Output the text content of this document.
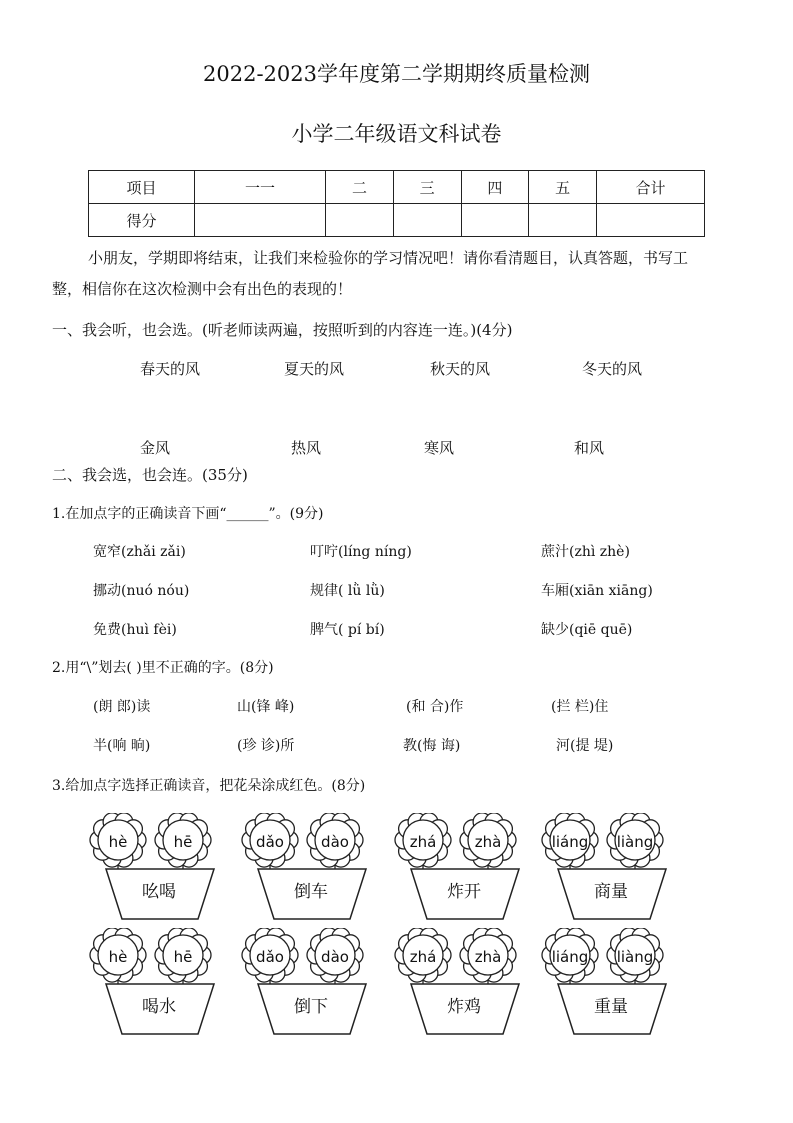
2022-2023学年度第二学期期终质量检测
小学二年级语文科试卷
项目	一一	二	三	四	五	合计
得分						
小朋友，学期即将结束，让我们来检验你的学习情况吧！请你看清题目，认真答题，书写工
整，相信你在这次检测中会有出色的表现的！
一、我会听，也会选。(听老师读两遍，按照听到的内容连一连。)(4分)
春天的风	夏天的风	秋天的风	冬天的风
金风	热风	寒风	和风
二、我会选，也会连。(35分)
1.在加点字的正确读音下画“______”。(9分)
宽窄(zhǎi zǎi)	叮咛(líng níng)	蔗汁(zhì zhè)
挪动(nuó nóu)	规律( lǜ lǜ)	车厢(xiān xiāng)
免费(huì fèi)	脾气( pí bí)	缺少(qiē quē)
2.用“\”划去( )里不正确的字。(8分)
(朗 郎)读	山(锋 峰)	(和 合)作	(拦 栏)住
半(响 晌)	(珍 诊)所	教(悔 诲)	河(提 堤)
3.给加点字选择正确读音，把花朵涂成红色。(8分)
hè	hē
吆喝
dǎo	dào
倒车
zhá	zhà
炸开
liáng liàng
商量
hè	hē
喝水
dǎo	dào
倒下
zhá	zhà
炸鸡
liáng liàng
重量
